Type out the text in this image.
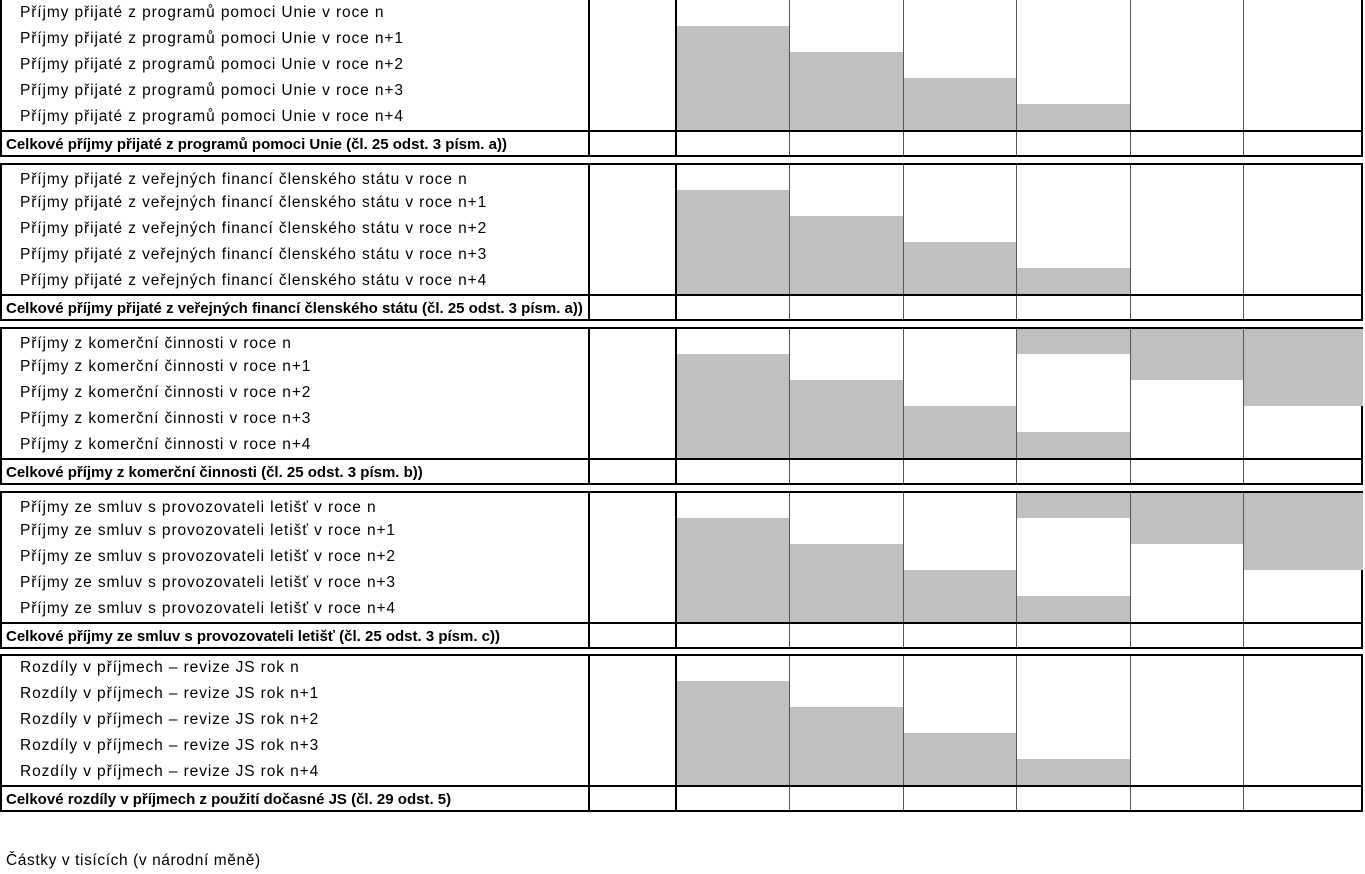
Příjmy přijaté z programů pomoci Unie v roce n
Příjmy přijaté z programů pomoci Unie v roce n+1
Příjmy přijaté z programů pomoci Unie v roce n+2
Příjmy přijaté z programů pomoci Unie v roce n+3
Příjmy přijaté z programů pomoci Unie v roce n+4
Celkové příjmy přijaté z programů pomoci Unie (čl. 25 odst. 3 písm. a))
Příjmy přijaté z veřejných financí členského státu v roce n
Příjmy přijaté z veřejných financí členského státu v roce n+1
Příjmy přijaté z veřejných financí členského státu v roce n+2
Příjmy přijaté z veřejných financí členského státu v roce n+3
Příjmy přijaté z veřejných financí členského státu v roce n+4
Celkové příjmy přijaté z veřejných financí členského státu (čl. 25 odst. 3 písm. a))
Příjmy z komerční činnosti v roce n
Příjmy z komerční činnosti v roce n+1
Příjmy z komerční činnosti v roce n+2
Příjmy z komerční činnosti v roce n+3
Příjmy z komerční činnosti v roce n+4
Celkové příjmy z komerční činnosti (čl. 25 odst. 3 písm. b))
Příjmy ze smluv s provozovateli letišť v roce n
Příjmy ze smluv s provozovateli letišť v roce n+1
Příjmy ze smluv s provozovateli letišť v roce n+2
Příjmy ze smluv s provozovateli letišť v roce n+3
Příjmy ze smluv s provozovateli letišť v roce n+4
Celkové příjmy ze smluv s provozovateli letišť (čl. 25 odst. 3 písm. c))
Rozdíly v příjmech – revize JS rok n
Rozdíly v příjmech – revize JS rok n+1
Rozdíly v příjmech – revize JS rok n+2
Rozdíly v příjmech – revize JS rok n+3
Rozdíly v příjmech – revize JS rok n+4
Celkové rozdíly v příjmech z použití dočasné JS (čl. 29 odst. 5)
Částky v tisících (v národní měně)
